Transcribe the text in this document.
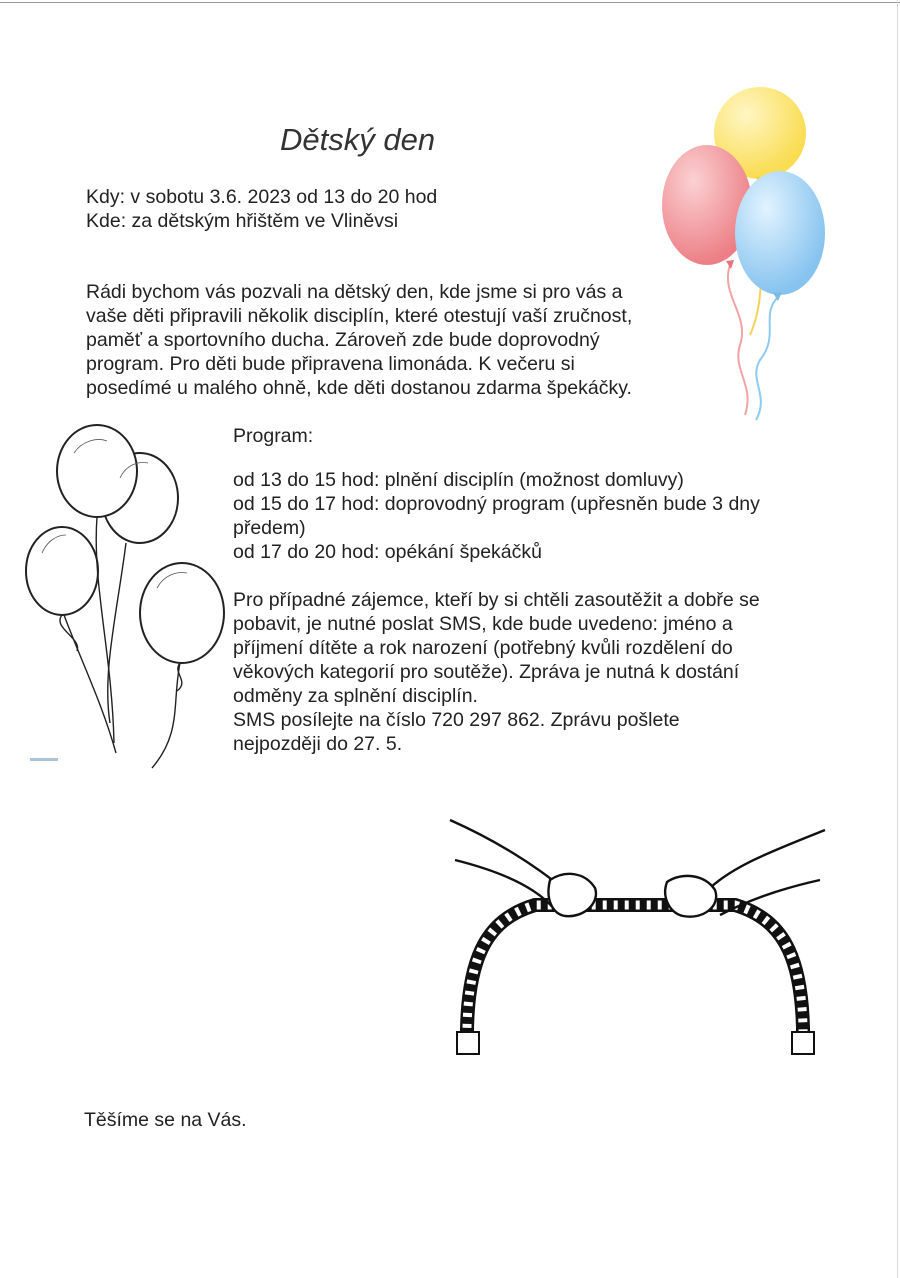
Dětský den
Kdy: v sobotu 3.6. 2023 od 13 do 20 hod
Kde: za dětským hřištěm ve Vliněvsi
Rádi bychom vás pozvali na dětský den, kde jsme si pro vás a
vaše děti připravili několik disciplín, které otestují vaší zručnost,
paměť a sportovního ducha. Zároveň zde bude doprovodný
program. Pro děti bude připravena limonáda. K večeru si
posedímé u malého ohně, kde děti dostanou zdarma špekáčky.
Program:
od 13 do 15 hod: plnění disciplín (možnost domluvy)
od 15 do 17 hod: doprovodný program (upřesněn bude 3 dny
předem)
od 17 do 20 hod: opékání špekáčků
Pro případné zájemce, kteří by si chtěli zasoutěžit a dobře se
pobavit, je nutné poslat SMS, kde bude uvedeno: jméno a
příjmení dítěte a rok narození (potřebný kvůli rozdělení do
věkových kategorií pro soutěže). Zpráva je nutná k dostání
odměny za splnění disciplín.
SMS posílejte na číslo 720 297 862. Zprávu pošlete
nejpozději do 27. 5.
Těšíme se na Vás.
